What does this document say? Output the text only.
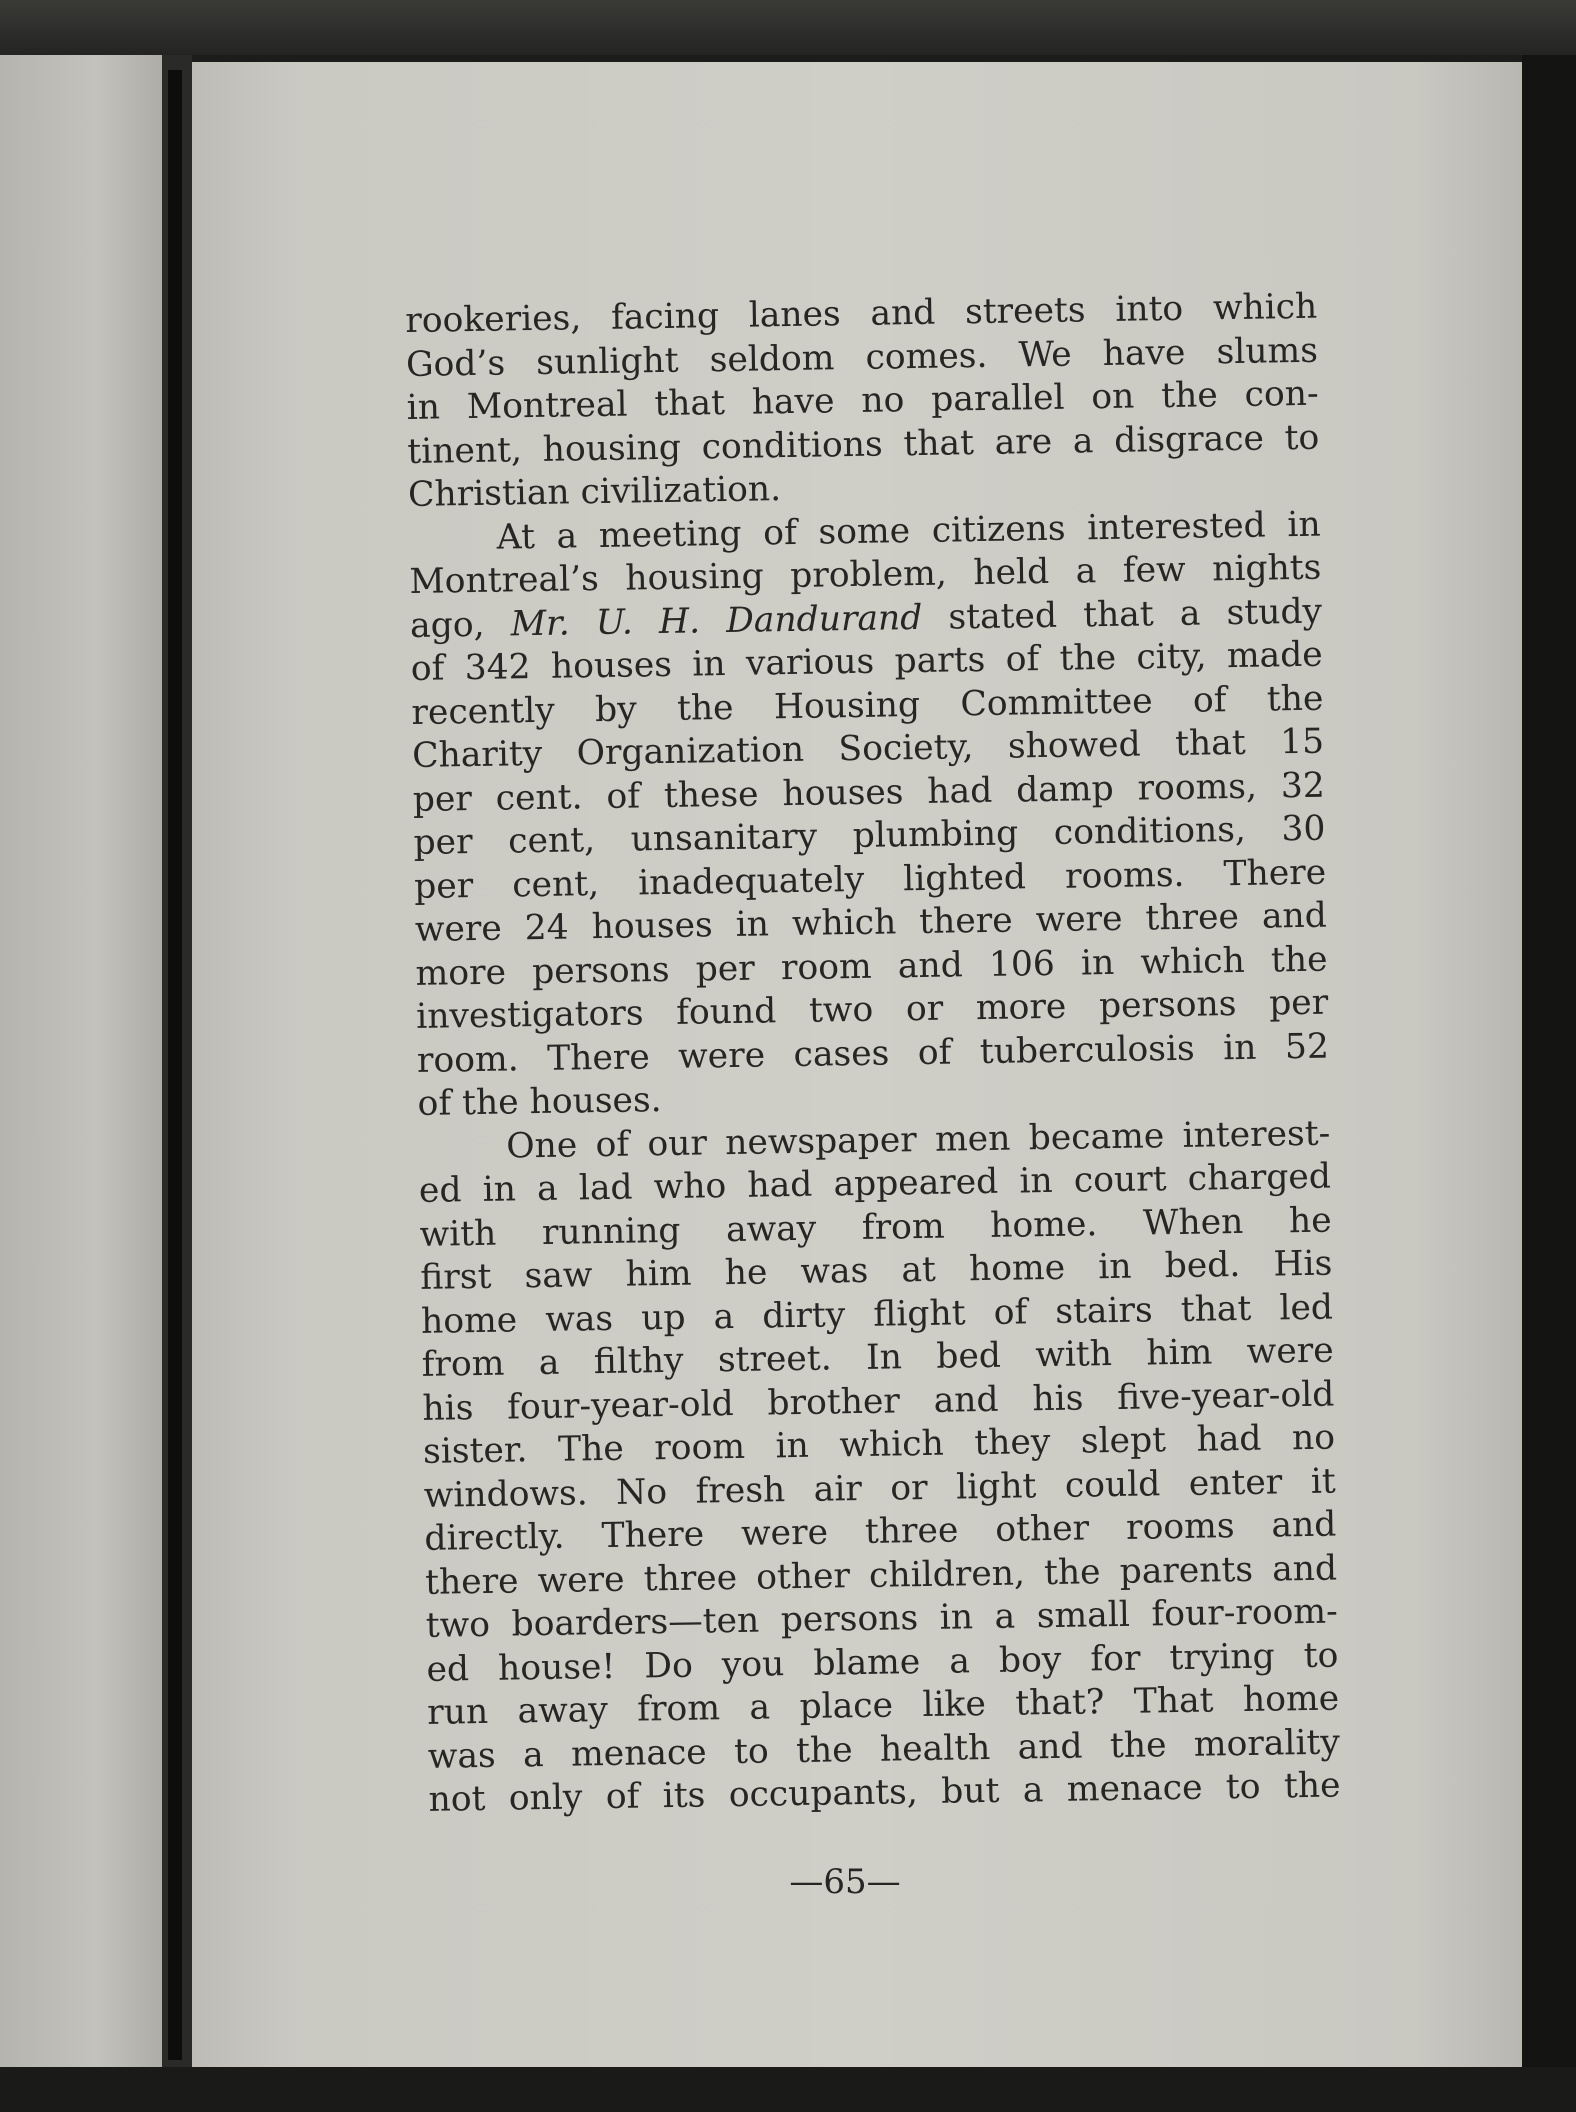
rookeries, facing lanes and streets into which
God’s sunlight seldom comes. We have slums
in Montreal that have no parallel on the con-
tinent, housing conditions that are a disgrace to
Christian civilization.
At a meeting of some citizens interested in
Montreal’s housing problem, held a few nights
ago, Mr. U. H. Dandurand stated that a study
of 342 houses in various parts of the city, made
recently by the Housing Committee of the
Charity Organization Society, showed that 15
per cent. of these houses had damp rooms, 32
per cent, unsanitary plumbing conditions, 30
per cent, inadequately lighted rooms. There
were 24 houses in which there were three and
more persons per room and 106 in which the
investigators found two or more persons per
room. There were cases of tuberculosis in 52
of the houses.
One of our newspaper men became interest-
ed in a lad who had appeared in court charged
with running away from home. When he
first saw him he was at home in bed. His
home was up a dirty flight of stairs that led
from a filthy street. In bed with him were
his four-year-old brother and his five-year-old
sister. The room in which they slept had no
windows. No fresh air or light could enter it
directly. There were three other rooms and
there were three other children, the parents and
two boarders—ten persons in a small four-room-
ed house! Do you blame a boy for trying to
run away from a place like that? That home
was a menace to the health and the morality
not only of its occupants, but a menace to the
—65—
